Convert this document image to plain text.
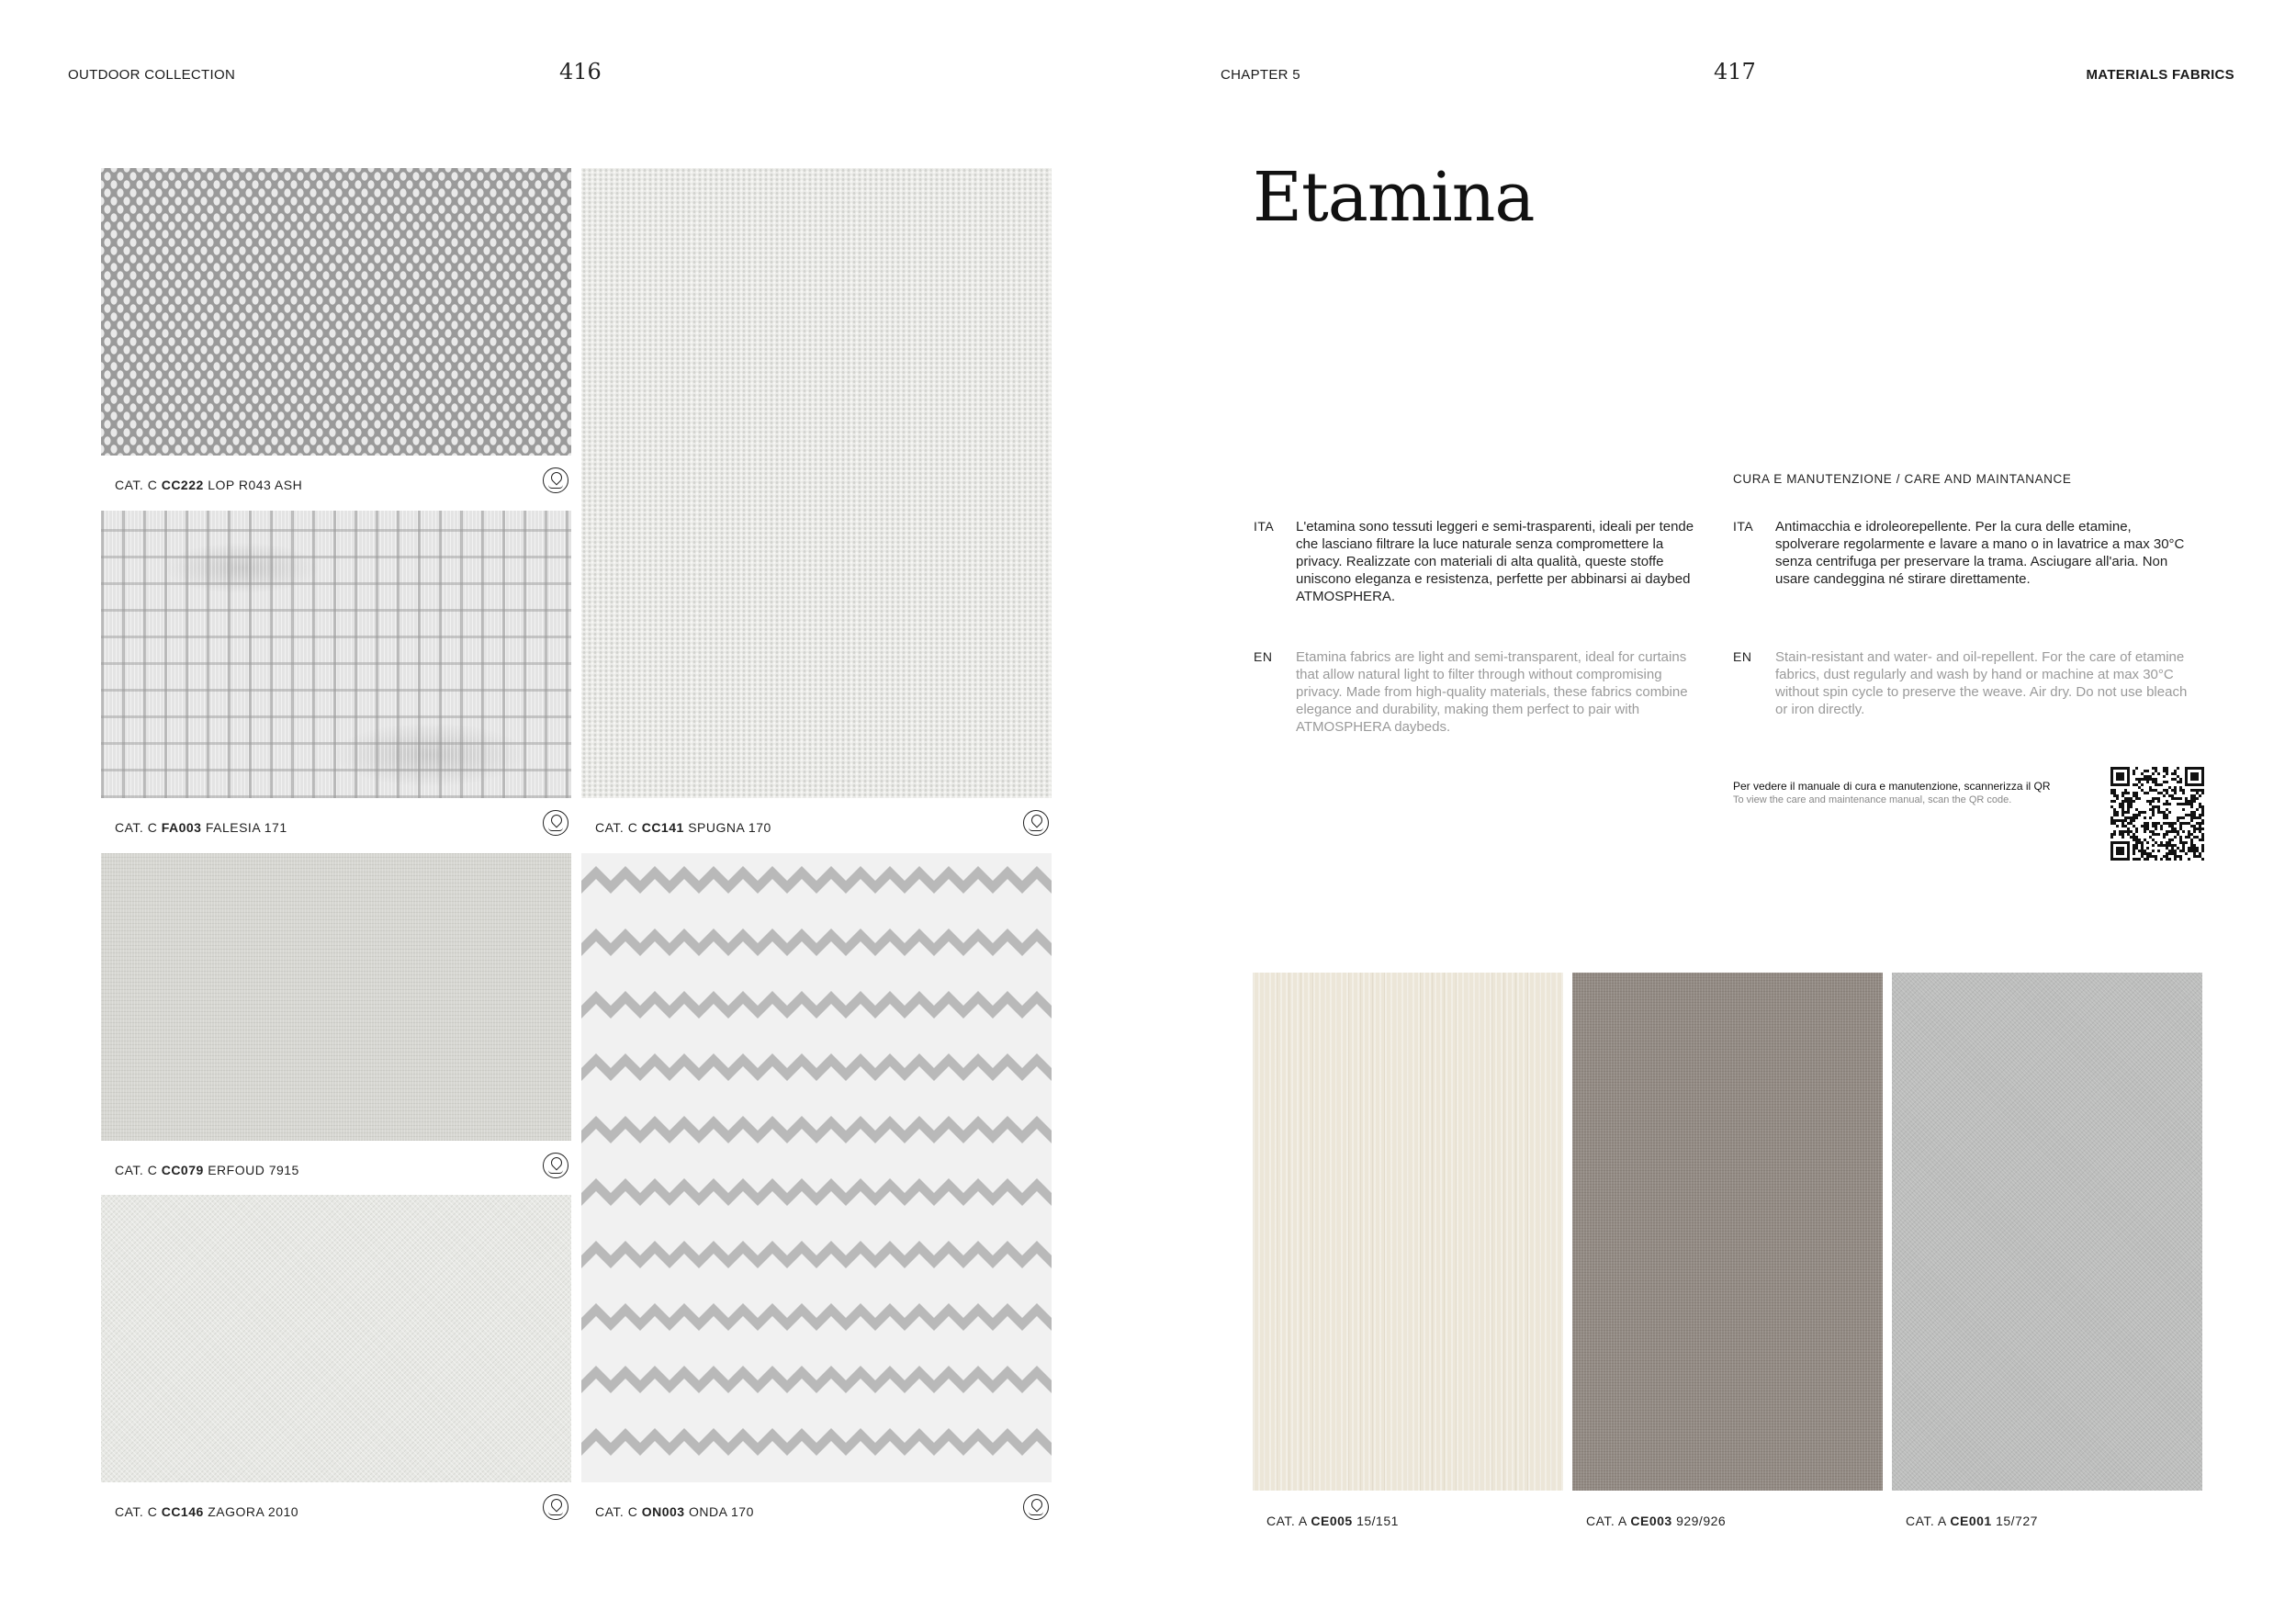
OUTDOOR COLLECTION	416	CHAPTER 5	417	MATERIALS FABRICS
CAT. C CC222 LOP R043 ASH
CAT. C FA003 FALESIA 171	CAT. C CC141 SPUGNA 170
CAT. C CC079 ERFOUD 7915
CAT. C CC146 ZAGORA 2010	CAT. C ON003 ONDA 170
Etamina
CURA E MANUTENZIONE / CARE AND MAINTANANCE
ITA L'etamina sono tessuti leggeri e semi-trasparenti, ideali per tende che lasciano filtrare la luce naturale senza compromettere la privacy. Realizzate con materiali di alta qualità, queste stoffe uniscono eleganza e resistenza, perfette per abbinarsi ai daybed ATMOSPHERA.
EN Etamina fabrics are light and semi-transparent, ideal for curtains that allow natural light to filter through without compromising privacy. Made from high-quality materials, these fabrics combine elegance and durability, making them perfect to pair with ATMOSPHERA daybeds.
ITA Antimacchia e idroleorepellente. Per la cura delle etamine, spolverare regolarmente e lavare a mano o in lavatrice a max 30°C senza centrifuga per preservare la trama. Asciugare all'aria. Non usare candeggina né stirare direttamente.
EN Stain-resistant and water- and oil-repellent. For the care of etamine fabrics, dust regularly and wash by hand or machine at max 30°C without spin cycle to preserve the weave. Air dry. Do not use bleach or iron directly.
Per vedere il manuale di cura e manutenzione, scannerizza il QR
To view the care and maintenance manual, scan the QR code.
CAT. A CE005 15/151	CAT. A CE003 929/926	CAT. A CE001 15/727
